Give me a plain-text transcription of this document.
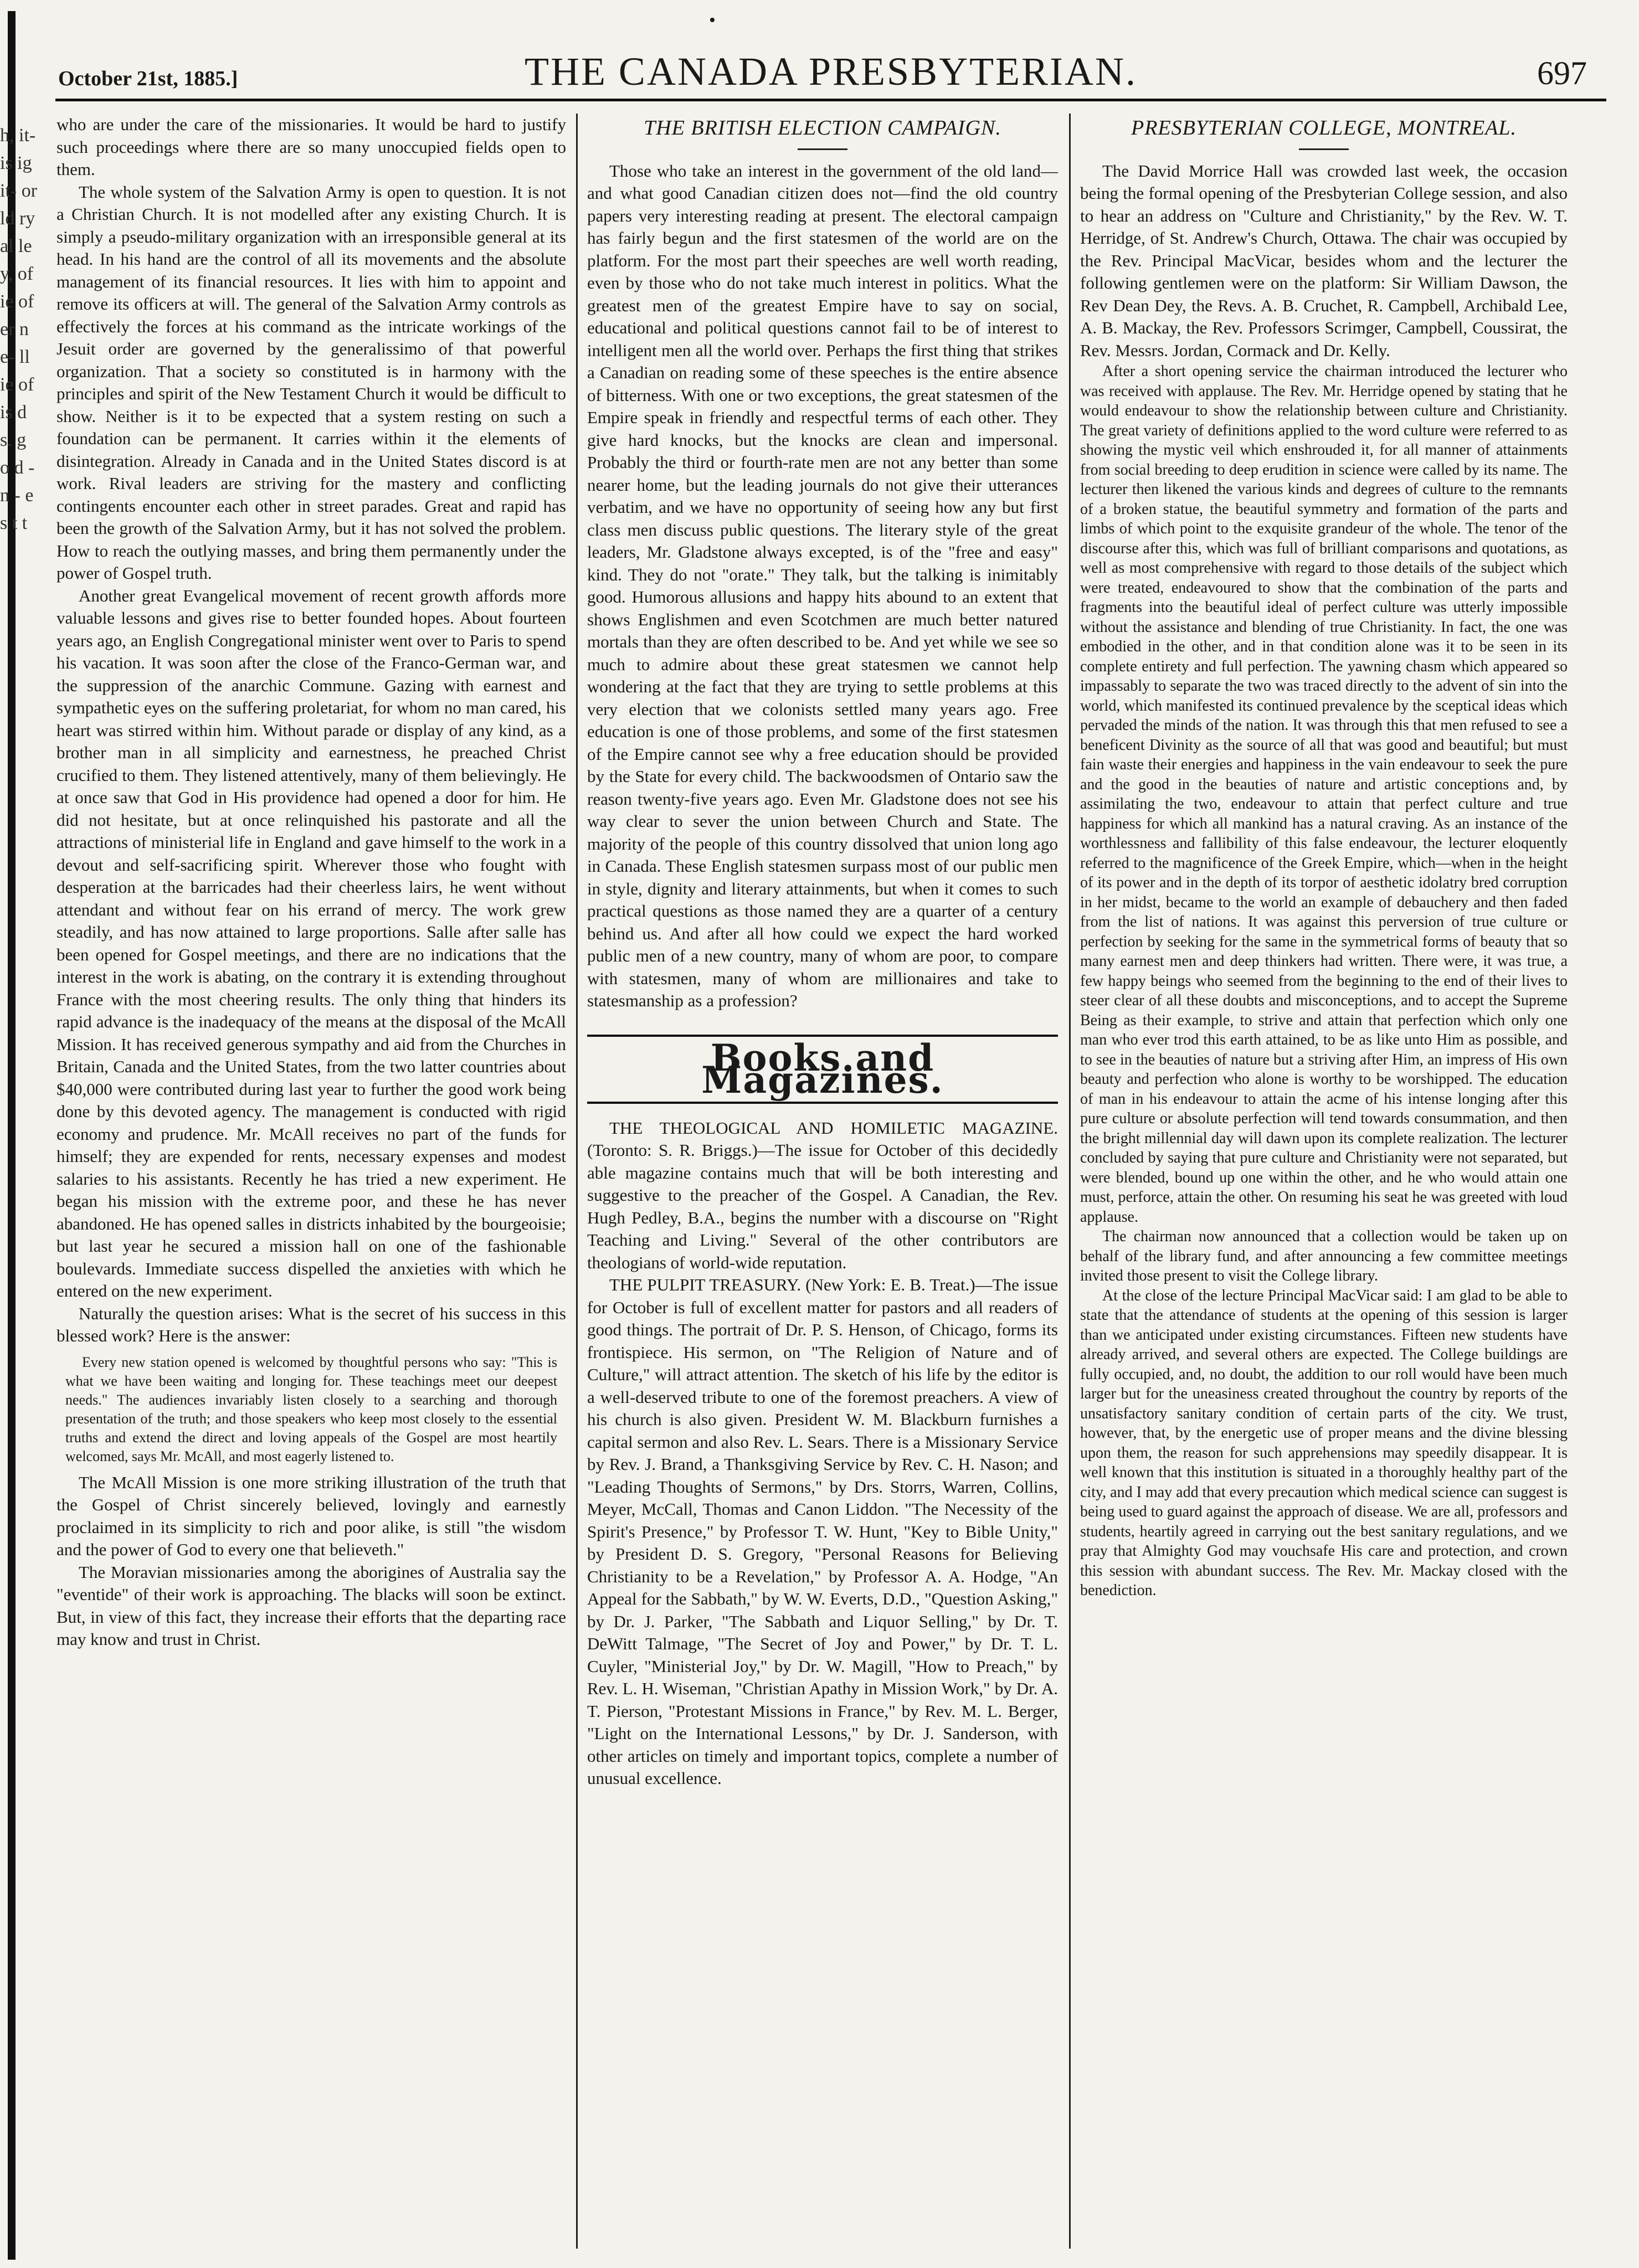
h, it- is ig it- or ld ry al le y, of ie of er n e- ll ie of is d s. g o d - n - e s t t
•
October 21st, 1885.]	THE CANADA PRESBYTERIAN.	697

who are under the care of the missionaries. It would be hard to justify such proceedings where there are so many unoccupied fields open to them.

The whole system of the Salvation Army is open to question. It is not a Christian Church. It is not modelled after any existing Church. It is simply a pseudo-military organization with an irresponsible general at its head. In his hand are the control of all its movements and the absolute management of its financial resources. It lies with him to appoint and remove its officers at will. The general of the Salvation Army controls as effectively the forces at his command as the intricate workings of the Jesuit order are governed by the generalissimo of that powerful organization. That a society so constituted is in harmony with the principles and spirit of the New Testament Church it would be difficult to show. Neither is it to be expected that a system resting on such a foundation can be permanent. It carries within it the elements of disintegration. Already in Canada and in the United States discord is at work. Rival leaders are striving for the mastery and conflicting contingents encounter each other in street parades. Great and rapid has been the growth of the Salvation Army, but it has not solved the problem. How to reach the outlying masses, and bring them permanently under the power of Gospel truth.

Another great Evangelical movement of recent growth affords more valuable lessons and gives rise to better founded hopes. About fourteen years ago, an English Congregational minister went over to Paris to spend his vacation. It was soon after the close of the Franco-German war, and the suppression of the anarchic Commune. Gazing with earnest and sympathetic eyes on the suffering proletariat, for whom no man cared, his heart was stirred within him. Without parade or display of any kind, as a brother man in all simplicity and earnestness, he preached Christ crucified to them. They listened attentively, many of them believingly. He at once saw that God in His providence had opened a door for him. He did not hesitate, but at once relinquished his pastorate and all the attractions of ministerial life in England and gave himself to the work in a devout and self-sacrificing spirit. Wherever those who fought with desperation at the barricades had their cheerless lairs, he went without attendant and without fear on his errand of mercy. The work grew steadily, and has now attained to large proportions. Salle after salle has been opened for Gospel meetings, and there are no indications that the interest in the work is abating, on the contrary it is extending throughout France with the most cheering results. The only thing that hinders its rapid advance is the inadequacy of the means at the disposal of the McAll Mission. It has received generous sympathy and aid from the Churches in Britain, Canada and the United States, from the two latter countries about $40,000 were contributed during last year to further the good work being done by this devoted agency. The management is conducted with rigid economy and prudence. Mr. McAll receives no part of the funds for himself; they are expended for rents, necessary expenses and modest salaries to his assistants. Recently he has tried a new experiment. He began his mission with the extreme poor, and these he has never abandoned. He has opened salles in districts inhabited by the bourgeoisie; but last year he secured a mission hall on one of the fashionable boulevards. Immediate success dispelled the anxieties with which he entered on the new experiment.

Naturally the question arises: What is the secret of his success in this blessed work? Here is the answer:

Every new station opened is welcomed by thoughtful persons who say: "This is what we have been waiting and longing for. These teachings meet our deepest needs." The audiences invariably listen closely to a searching and thorough presentation of the truth; and those speakers who keep most closely to the essential truths and extend the direct and loving appeals of the Gospel are most heartily welcomed, says Mr. McAll, and most eagerly listened to.

The McAll Mission is one more striking illustration of the truth that the Gospel of Christ sincerely believed, lovingly and earnestly proclaimed in its simplicity to rich and poor alike, is still "the wisdom and the power of God to every one that believeth."

The Moravian missionaries among the aborigines of Australia say the "eventide" of their work is approaching. The blacks will soon be extinct. But, in view of this fact, they increase their efforts that the departing race may know and trust in Christ.

THE BRITISH ELECTION CAMPAIGN.

Those who take an interest in the government of the old land—and what good Canadian citizen does not—find the old country papers very interesting reading at present. The electoral campaign has fairly begun and the first statesmen of the world are on the platform. For the most part their speeches are well worth reading, even by those who do not take much interest in politics. What the greatest men of the greatest Empire have to say on social, educational and political questions cannot fail to be of interest to intelligent men all the world over. Perhaps the first thing that strikes a Canadian on reading some of these speeches is the entire absence of bitterness. With one or two exceptions, the great statesmen of the Empire speak in friendly and respectful terms of each other. They give hard knocks, but the knocks are clean and impersonal. Probably the third or fourth-rate men are not any better than some nearer home, but the leading journals do not give their utterances verbatim, and we have no opportunity of seeing how any but first class men discuss public questions. The literary style of the great leaders, Mr. Gladstone always excepted, is of the "free and easy" kind. They do not "orate." They talk, but the talking is inimitably good. Humorous allusions and happy hits abound to an extent that shows Englishmen and even Scotchmen are much better natured mortals than they are often described to be. And yet while we see so much to admire about these great statesmen we cannot help wondering at the fact that they are trying to settle problems at this very election that we colonists settled many years ago. Free education is one of those problems, and some of the first statesmen of the Empire cannot see why a free education should be provided by the State for every child. The backwoodsmen of Ontario saw the reason twenty-five years ago. Even Mr. Gladstone does not see his way clear to sever the union between Church and State. The majority of the people of this country dissolved that union long ago in Canada. These English statesmen surpass most of our public men in style, dignity and literary attainments, but when it comes to such practical questions as those named they are a quarter of a century behind us. And after all how could we expect the hard worked public men of a new country, many of whom are poor, to compare with statesmen, many of whom are millionaires and take to statesmanship as a profession?

Books and Magazines.

THE THEOLOGICAL AND HOMILETIC MAGAZINE. (Toronto: S. R. Briggs.)—The issue for October of this decidedly able magazine contains much that will be both interesting and suggestive to the preacher of the Gospel. A Canadian, the Rev. Hugh Pedley, B.A., begins the number with a discourse on "Right Teaching and Living." Several of the other contributors are theologians of world-wide reputation.

THE PULPIT TREASURY. (New York: E. B. Treat.)—The issue for October is full of excellent matter for pastors and all readers of good things. The portrait of Dr. P. S. Henson, of Chicago, forms its frontispiece. His sermon, on "The Religion of Nature and of Culture," will attract attention. The sketch of his life by the editor is a well-deserved tribute to one of the foremost preachers. A view of his church is also given. President W. M. Blackburn furnishes a capital sermon and also Rev. L. Sears. There is a Missionary Service by Rev. J. Brand, a Thanksgiving Service by Rev. C. H. Nason; and "Leading Thoughts of Sermons," by Drs. Storrs, Warren, Collins, Meyer, McCall, Thomas and Canon Liddon. "The Necessity of the Spirit's Presence," by Professor T. W. Hunt, "Key to Bible Unity," by President D. S. Gregory, "Personal Reasons for Believing Christianity to be a Revelation," by Professor A. A. Hodge, "An Appeal for the Sabbath," by W. W. Everts, D.D., "Question Asking," by Dr. J. Parker, "The Sabbath and Liquor Selling," by Dr. T. DeWitt Talmage, "The Secret of Joy and Power," by Dr. T. L. Cuyler, "Ministerial Joy," by Dr. W. Magill, "How to Preach," by Rev. L. H. Wiseman, "Christian Apathy in Mission Work," by Dr. A. T. Pierson, "Protestant Missions in France," by Rev. M. L. Berger, "Light on the International Lessons," by Dr. J. Sanderson, with other articles on timely and important topics, complete a number of unusual excellence.

PRESBYTERIAN COLLEGE, MONTREAL.

The David Morrice Hall was crowded last week, the occasion being the formal opening of the Presbyterian College session, and also to hear an address on "Culture and Christianity," by the Rev. W. T. Herridge, of St. Andrew's Church, Ottawa. The chair was occupied by the Rev. Principal MacVicar, besides whom and the lecturer the following gentlemen were on the platform: Sir William Dawson, the Rev Dean Dey, the Revs. A. B. Cruchet, R. Campbell, Archibald Lee, A. B. Mackay, the Rev. Professors Scrimger, Campbell, Coussirat, the Rev. Messrs. Jordan, Cormack and Dr. Kelly.

After a short opening service the chairman introduced the lecturer who was received with applause. The Rev. Mr. Herridge opened by stating that he would endeavour to show the relationship between culture and Christianity. The great variety of definitions applied to the word culture were referred to as showing the mystic veil which enshrouded it, for all manner of attainments from social breeding to deep erudition in science were called by its name. The lecturer then likened the various kinds and degrees of culture to the remnants of a broken statue, the beautiful symmetry and formation of the parts and limbs of which point to the exquisite grandeur of the whole. The tenor of the discourse after this, which was full of brilliant comparisons and quotations, as well as most comprehensive with regard to those details of the subject which were treated, endeavoured to show that the combination of the parts and fragments into the beautiful ideal of perfect culture was utterly impossible without the assistance and blending of true Christianity. In fact, the one was embodied in the other, and in that condition alone was it to be seen in its complete entirety and full perfection. The yawning chasm which appeared so impassably to separate the two was traced directly to the advent of sin into the world, which manifested its continued prevalence by the sceptical ideas which pervaded the minds of the nation. It was through this that men refused to see a beneficent Divinity as the source of all that was good and beautiful; but must fain waste their energies and happiness in the vain endeavour to seek the pure and the good in the beauties of nature and artistic conceptions and, by assimilating the two, endeavour to attain that perfect culture and true happiness for which all mankind has a natural craving. As an instance of the worthlessness and fallibility of this false endeavour, the lecturer eloquently referred to the magnificence of the Greek Empire, which—when in the height of its power and in the depth of its torpor of aesthetic idolatry bred corruption in her midst, became to the world an example of debauchery and then faded from the list of nations. It was against this perversion of true culture or perfection by seeking for the same in the symmetrical forms of beauty that so many earnest men and deep thinkers had written. There were, it was true, a few happy beings who seemed from the beginning to the end of their lives to steer clear of all these doubts and misconceptions, and to accept the Supreme Being as their example, to strive and attain that perfection which only one man who ever trod this earth attained, to be as like unto Him as possible, and to see in the beauties of nature but a striving after Him, an impress of His own beauty and perfection who alone is worthy to be worshipped. The education of man in his endeavour to attain the acme of his intense longing after this pure culture or absolute perfection will tend towards consummation, and then the bright millennial day will dawn upon its complete realization. The lecturer concluded by saying that pure culture and Christianity were not separated, but were blended, bound up one within the other, and he who would attain one must, perforce, attain the other. On resuming his seat he was greeted with loud applause.

The chairman now announced that a collection would be taken up on behalf of the library fund, and after announcing a few committee meetings invited those present to visit the College library.

At the close of the lecture Principal MacVicar said: I am glad to be able to state that the attendance of students at the opening of this session is larger than we anticipated under existing circumstances. Fifteen new students have already arrived, and several others are expected. The College buildings are fully occupied, and, no doubt, the addition to our roll would have been much larger but for the uneasiness created throughout the country by reports of the unsatisfactory sanitary condition of certain parts of the city. We trust, however, that, by the energetic use of proper means and the divine blessing upon them, the reason for such apprehensions may speedily disappear. It is well known that this institution is situated in a thoroughly healthy part of the city, and I may add that every precaution which medical science can suggest is being used to guard against the approach of disease. We are all, professors and students, heartily agreed in carrying out the best sanitary regulations, and we pray that Almighty God may vouchsafe His care and protection, and crown this session with abundant success. The Rev. Mr. Mackay closed with the benediction.
